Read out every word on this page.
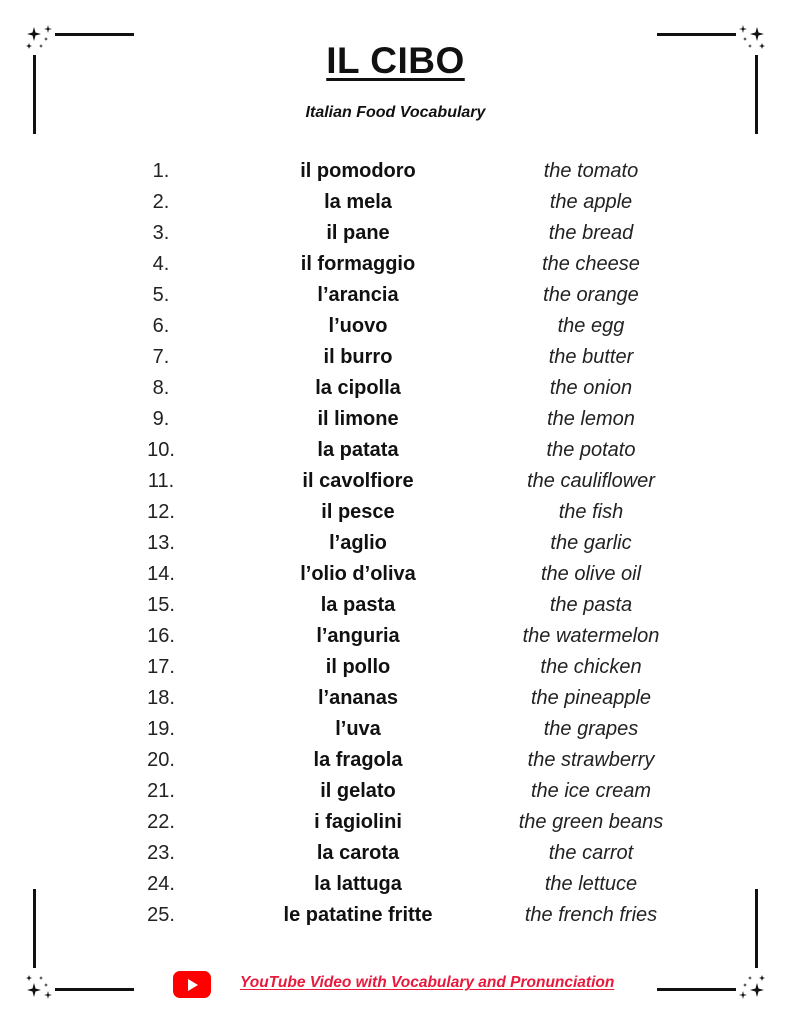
IL CIBO
Italian Food Vocabulary
1.	il pomodoro	the tomato
2.	la mela	the apple
3.	il pane	the bread
4.	il formaggio	the cheese
5.	l’arancia	the orange
6.	l’uovo	the egg
7.	il burro	the butter
8.	la cipolla	the onion
9.	il limone	the lemon
10.	la patata	the potato
11.	il cavolfiore	the cauliflower
12.	il pesce	the fish
13.	l’aglio	the garlic
14.	l’olio d’oliva	the olive oil
15.	la pasta	the pasta
16.	l’anguria	the watermelon
17.	il pollo	the chicken
18.	l’ananas	the pineapple
19.	l’uva	the grapes
20.	la fragola	the strawberry
21.	il gelato	the ice cream
22.	i fagiolini	the green beans
23.	la carota	the carrot
24.	la lattuga	the lettuce
25.	le patatine fritte	the french fries
YouTube Video with Vocabulary and Pronunciation
